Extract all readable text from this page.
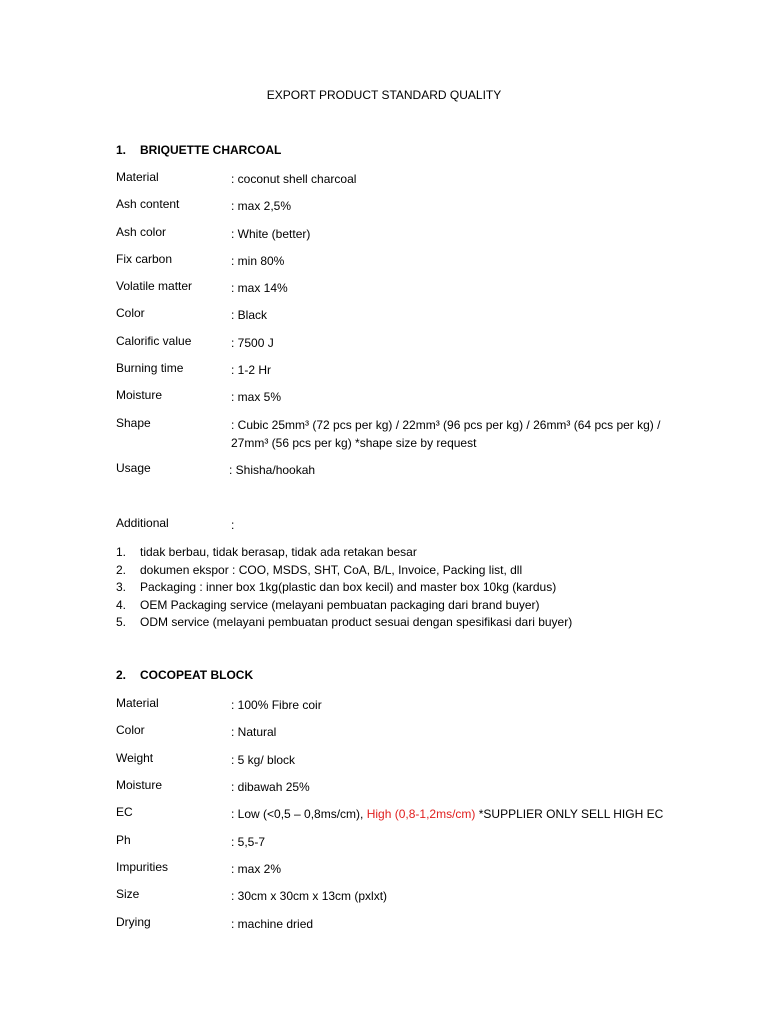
EXPORT PRODUCT STANDARD QUALITY
1. BRIQUETTE CHARCOAL
Material	: coconut shell charcoal
Ash content	: max 2,5%
Ash color	: White (better)
Fix carbon	: min 80%
Volatile matter	: max 14%
Color	: Black
Calorific value	: 7500 J
Burning time	: 1-2 Hr
Moisture	: max 5%
Shape	: Cubic 25mm³ (72 pcs per kg) / 22mm³ (96 pcs per kg) / 26mm³ (64 pcs per kg) / 27mm³ (56 pcs per kg) *shape size by request
Usage	: Shisha/hookah
Additional	:
1. tidak berbau, tidak berasap, tidak ada retakan besar
2. dokumen ekspor : COO, MSDS, SHT, CoA, B/L, Invoice, Packing list, dll
3. Packaging : inner box 1kg(plastic dan box kecil) and master box 10kg (kardus)
4. OEM Packaging service (melayani pembuatan packaging dari brand buyer)
5. ODM service (melayani pembuatan product sesuai dengan spesifikasi dari buyer)
2. COCOPEAT BLOCK
Material	: 100% Fibre coir
Color	: Natural
Weight	: 5 kg/ block
Moisture	: dibawah 25%
EC	: Low (<0,5 – 0,8ms/cm), High (0,8-1,2ms/cm) *SUPPLIER ONLY SELL HIGH EC
Ph	: 5,5-7
Impurities	: max 2%
Size	: 30cm x 30cm x 13cm (pxlxt)
Drying	: machine dried
